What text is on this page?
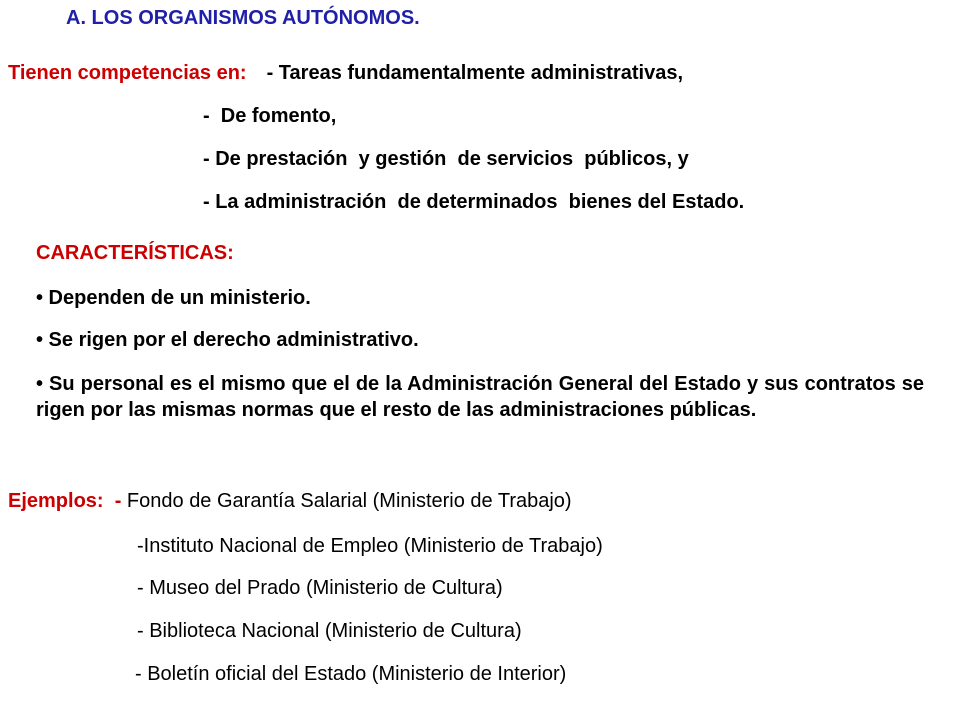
A. LOS ORGANISMOS AUTÓNOMOS.
Tienen competencias en: - Tareas fundamentalmente administrativas,
-  De fomento,
- De prestación  y gestión  de servicios  públicos, y
- La administración  de determinados  bienes del Estado.
CARACTERÍSTICAS:
• Dependen de un ministerio.
• Se rigen por el derecho administrativo.
• Su personal es el mismo que el de la Administración General del Estado y sus contratos se rigen por las mismas normas que el resto de las administraciones públicas.
Ejemplos: - Fondo de Garantía Salarial (Ministerio de Trabajo)
-Instituto Nacional de Empleo (Ministerio de Trabajo)
- Museo del Prado (Ministerio de Cultura)
- Biblioteca Nacional (Ministerio de Cultura)
- Boletín oficial del Estado (Ministerio de Interior)
